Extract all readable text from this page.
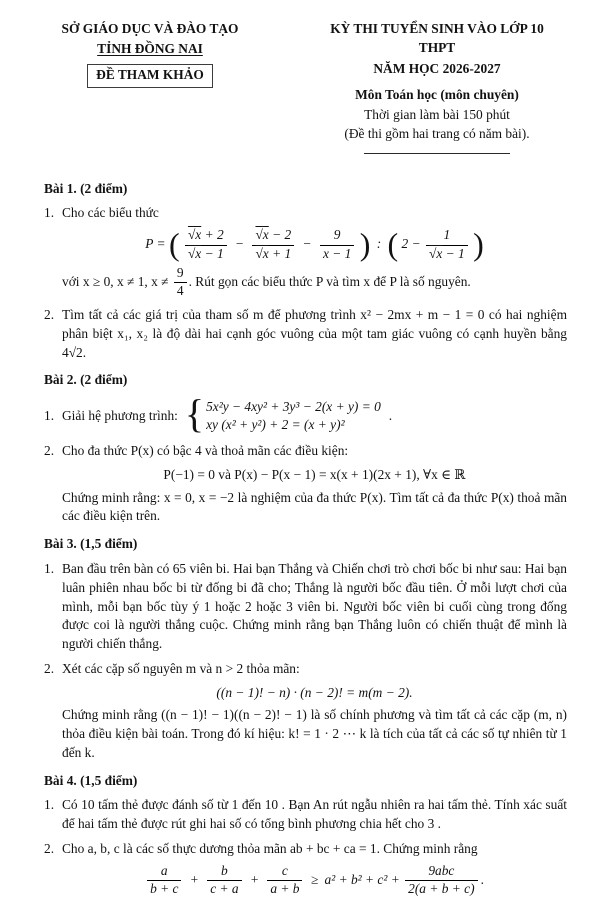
SỞ GIÁO DỤC VÀ ĐÀO TẠO
TỈNH ĐỒNG NAI
ĐỀ THAM KHẢO
KỲ THI TUYỂN SINH VÀO LỚP 10 THPT
NĂM HỌC 2026-2027
Môn Toán học (môn chuyên)
Thời gian làm bài 150 phút
(Đề thi gồm hai trang có năm bài).
Bài 1. (2 điểm)
1. Cho các biểu thức
P = ( $\frac{√x + 2}{√x - 1} - \frac{√x - 2}{√x + 1} - \frac{9}{x - 1}$ ) : ( $2 - \frac{1}{√x - 1}$ )
với x ≥ 0, x ≠ 1, $x \ne \frac{9}{4}$ . Rút gọn các biểu thức P và tìm x để P là số nguyên.
2. Tìm tất cả các giá trị của tham số m để phương trình x² − 2mx + m − 1 = 0 có hai nghiệm phân biệt x₁, x₂ là độ dài hai cạnh góc vuông của một tam giác vuông có cạnh huyền bằng 4√2.
Bài 2. (2 điểm)
1. Giải hệ phương trình: { 5x²y − 4xy² + 3y³ − 2(x + y) = 0
xy (x² + y²) + 2 = (x + y)²
.
2. Cho đa thức P(x) có bậc 4 và thoả mãn các điều kiện:
P(−1) = 0 và P(x) − P(x − 1) = x(x + 1)(2x + 1), ∀x ∈ ℝ
Chứng minh rằng: x = 0, x = −2 là nghiệm của đa thức P(x). Tìm tất cả đa thức P(x) thoả mãn các điều kiện trên.
Bài 3. (1,5 điểm)
1. Ban đầu trên bàn có 65 viên bi. Hai bạn Thắng và Chiến chơi trò chơi bốc bi như sau: Hai bạn luân phiên nhau bốc bi từ đống bi đã cho; Thắng là người bốc đầu tiên. Ở mỗi lượt chơi của mình, mỗi bạn bốc tùy ý 1 hoặc 2 hoặc 3 viên bi. Người bốc viên bi cuối cùng trong đống được coi là người thắng cuộc. Chứng minh rằng bạn Thắng luôn có chiến thuật để mình là người chiến thắng.
2. Xét các cặp số nguyên m và n > 2 thỏa mãn:
((n − 1)! − n) · (n − 2)! = m(m − 2).
Chứng minh rằng ((n − 1)! − 1)((n − 2)! − 1) là số chính phương và tìm tất cả các cặp (m, n) thỏa điều kiện bài toán. Trong đó kí hiệu: k! = 1 · 2 ⋯ k là tích của tất cả các số tự nhiên từ 1 đến k.
Bài 4. (1,5 điểm)
1. Có 10 tấm thẻ được đánh số từ 1 đến 10 . Bạn An rút ngẫu nhiên ra hai tấm thẻ. Tính xác suất để hai tấm thẻ được rút ghi hai số có tổng bình phương chia hết cho 3 .
2. Cho a, b, c là các số thực dương thỏa mãn ab + bc + ca = 1. Chứng minh rằng
$\frac{a}{b + c} + \frac{b}{c + a} + \frac{c}{a + b} \ge a^2 + b^2 + c^2 + \frac{\text{9abc}}{2(a + b + c)}$ .
